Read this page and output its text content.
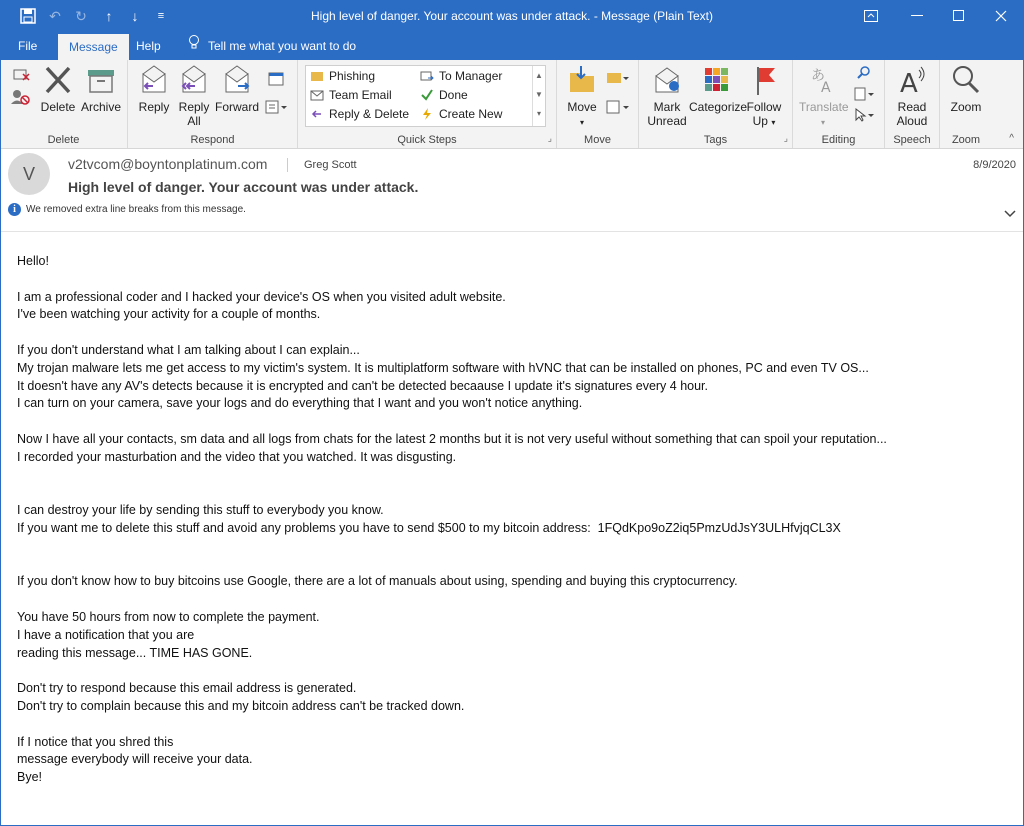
↶	↻	↑	↓	≡	High level of danger. Your account was under attack. - Message (Plain Text)
File	Message	Help	Tell me what you want to do
Delete Archive
Delete
Reply Reply
All
Forward
Respond
Phishing
Team Email
Reply & Delete
To Manager
Done
Create New
▲
▼
▾
Quick Steps	⌟
Move
▾
Move
Mark
Unread
Categorize Follow
Up ▾
Tags	⌟
あ
A
Translate
▾
Editing
A
Read
Aloud
Speech
Zoom
Zoom	^
V	v2tvcom@boyntonplatinum.com	Greg Scott	8/9/2020
High level of danger. Your account was under attack.
i	We removed extra line breaks from this message.

Hello!

I am a professional coder and I hacked your device's OS when you visited adult website.

I've been watching your activity for a couple of months.

If you don't understand what I am talking about I can explain...

My trojan malware lets me get access to my victim's system. It is multiplatform software with hVNC that can be installed on phones, PC and even TV OS...

It doesn't have any AV's detects because it is encrypted and can't be detected becaause I update it's signatures every 4 hour.

I can turn on your camera, save your logs and do everything that I want and you won't notice anything.

Now I have all your contacts, sm data and all logs from chats for the latest 2 months but it is not very useful without something that can spoil your reputation...

I recorded your masturbation and the video that you watched. It was disgusting.

I can destroy your life by sending this stuff to everybody you know.

If you want me to delete this stuff and avoid any problems you have to send $500 to my bitcoin address:  1FQdKpo9oZ2iq5PmzUdJsY3ULHfvjqCL3X

If you don't know how to buy bitcoins use Google, there are a lot of manuals about using, spending and buying this cryptocurrency.

You have 50 hours from now to complete the payment.

I have a notification that you are

reading this message... TIME HAS GONE.

Don't try to respond because this email address is generated.

Don't try to complain because this and my bitcoin address can't be tracked down.

If I notice that you shred this

message everybody will receive your data.

Bye!
